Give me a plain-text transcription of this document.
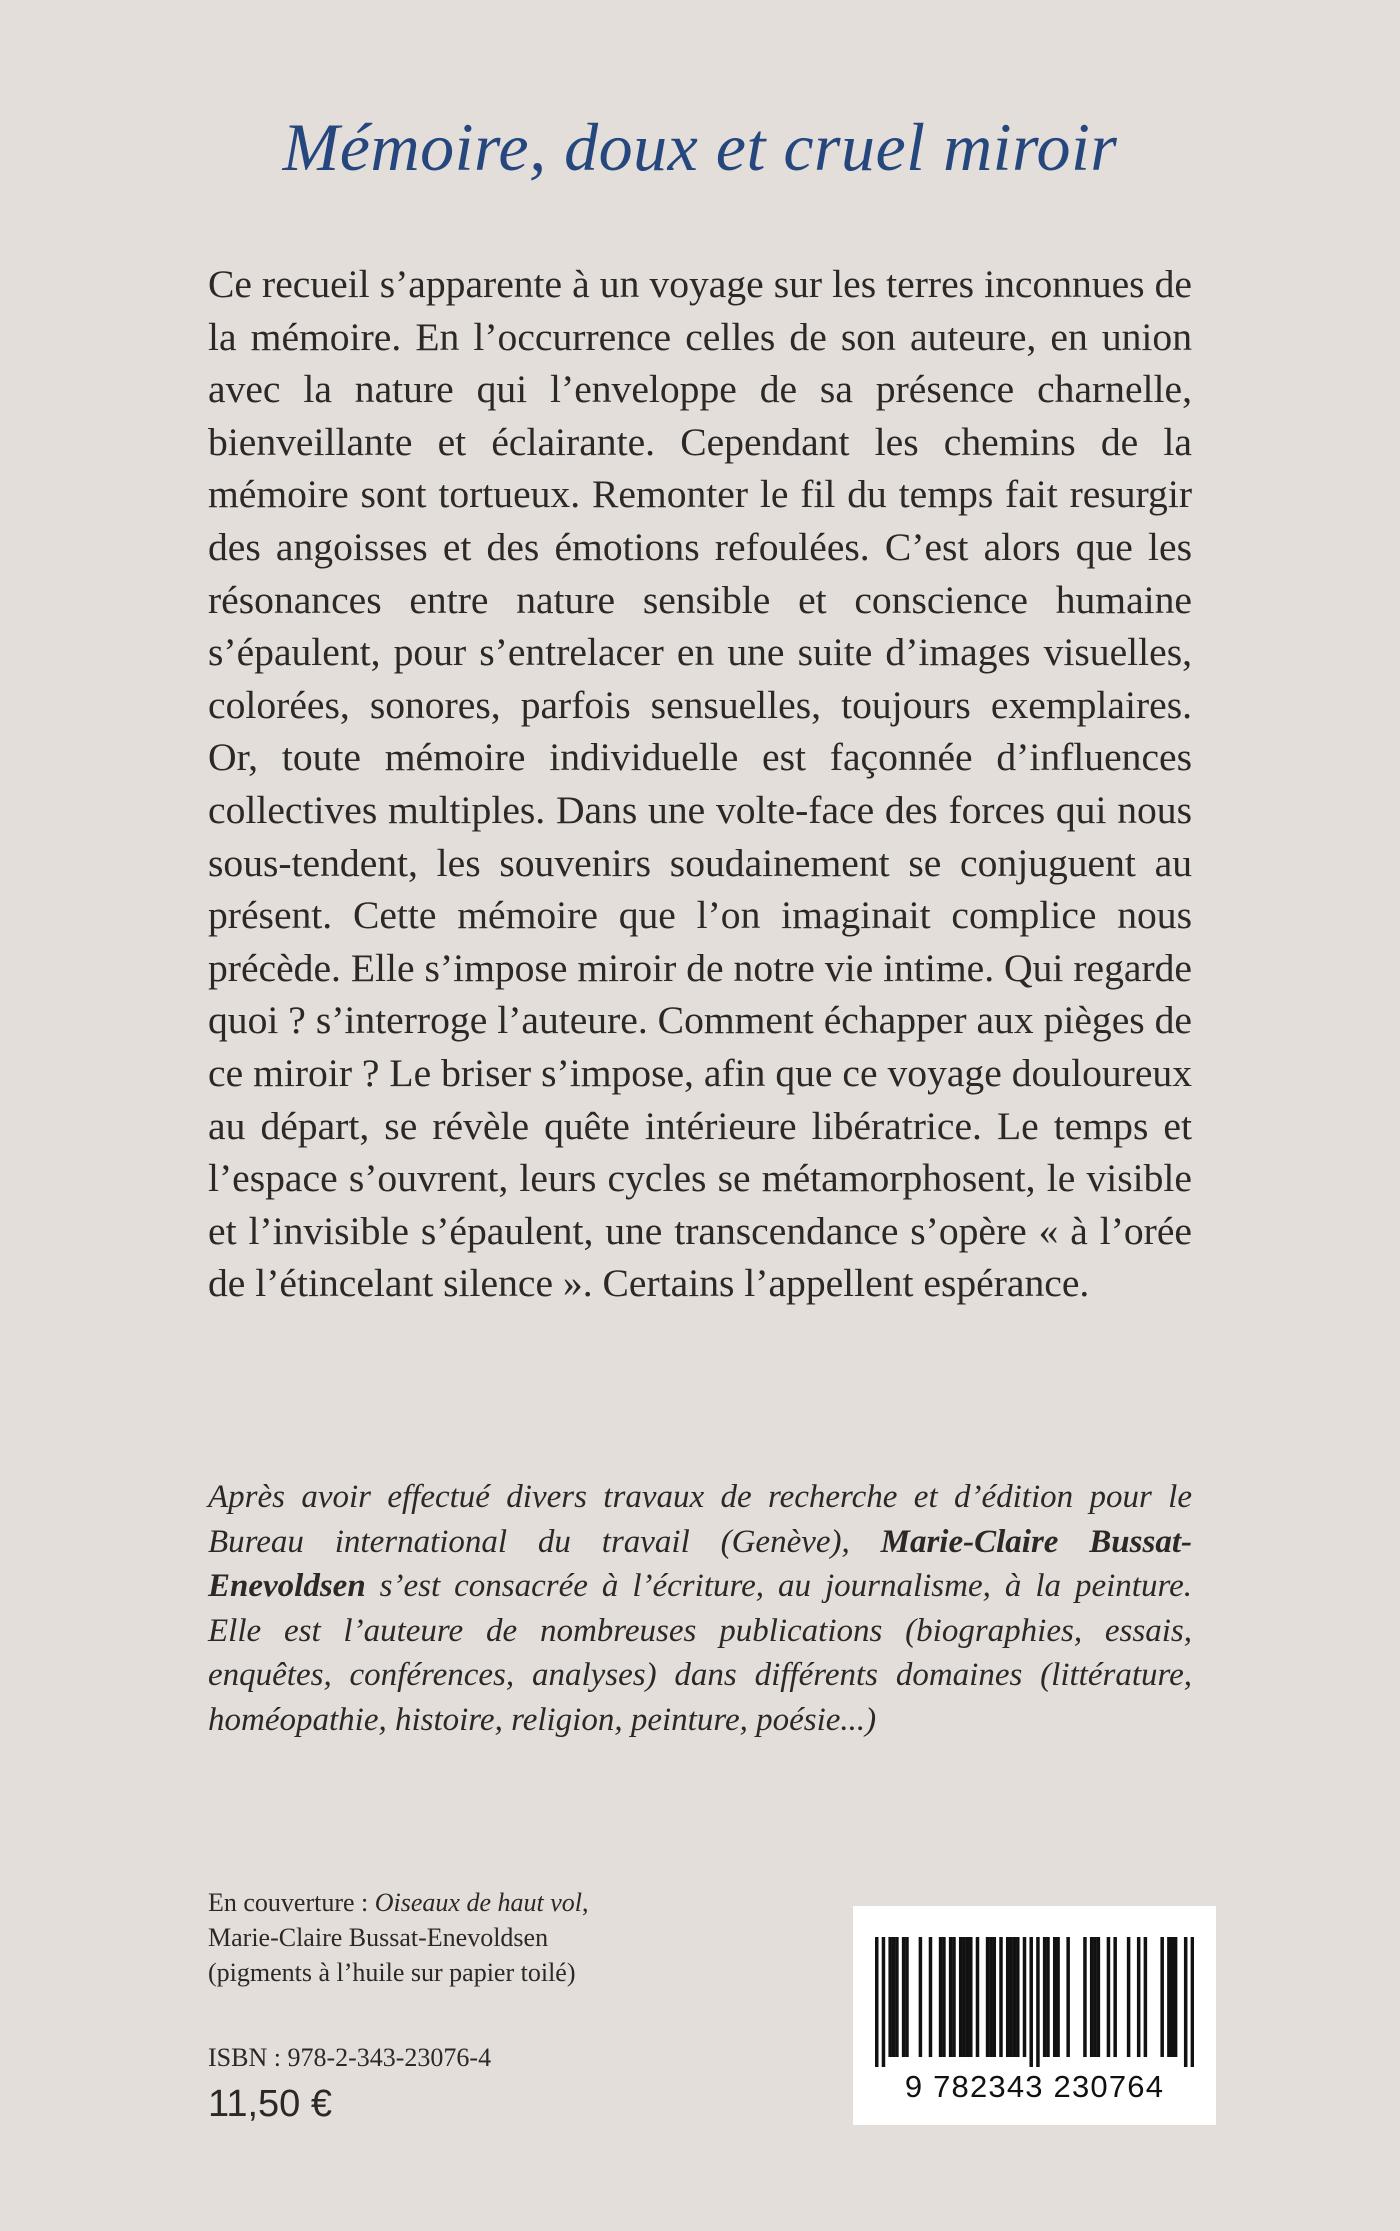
Mémoire, doux et cruel miroir

Ce recueil s’apparente à un voyage sur les terres inconnues de la mémoire. En l’occurrence celles de son auteure, en union avec la nature qui l’enveloppe de sa présence charnelle, bienveillante et éclairante. Cependant les chemins de la mémoire sont tortueux. Remonter le fil du temps fait resurgir des angoisses et des émotions refoulées. C’est alors que les résonances entre nature sensible et conscience humaine s’épaulent, pour s’entrelacer en une suite d’images visuelles, colorées, sonores, parfois sensuelles, toujours exemplaires. Or, toute mémoire individuelle est façonnée d’influences collectives multiples. Dans une volte-face des forces qui nous sous-tendent, les souvenirs soudainement se conjuguent au présent. Cette mémoire que l’on imaginait complice nous précède. Elle s’impose miroir de notre vie intime. Qui regarde quoi ? s’interroge l’auteure. Comment échapper aux pièges de ce miroir ? Le briser s’impose, afin que ce voyage douloureux au départ, se révèle quête intérieure libératrice. Le temps et l’espace s’ouvrent, leurs cycles se métamorphosent, le visible et l’invisible s’épaulent, une transcendance s’opère « à l’orée de l’étincelant silence ». Certains l’appellent espérance.

Après avoir effectué divers travaux de recherche et d’édition pour le Bureau international du travail (Genève), Marie-Claire Bussat-Enevoldsen s’est consacrée à l’écriture, au journalisme, à la peinture. Elle est l’auteure de nombreuses publications (biographies, essais, enquêtes, conférences, analyses) dans différents domaines (littérature, homéopathie, histoire, religion, peinture, poésie...)

En couverture : Oiseaux de haut vol,
Marie-Claire Bussat-Enevoldsen
(pigments à l’huile sur papier toilé)

ISBN : 978-2-343-23076-4

11,50 €	9 782343 230764
